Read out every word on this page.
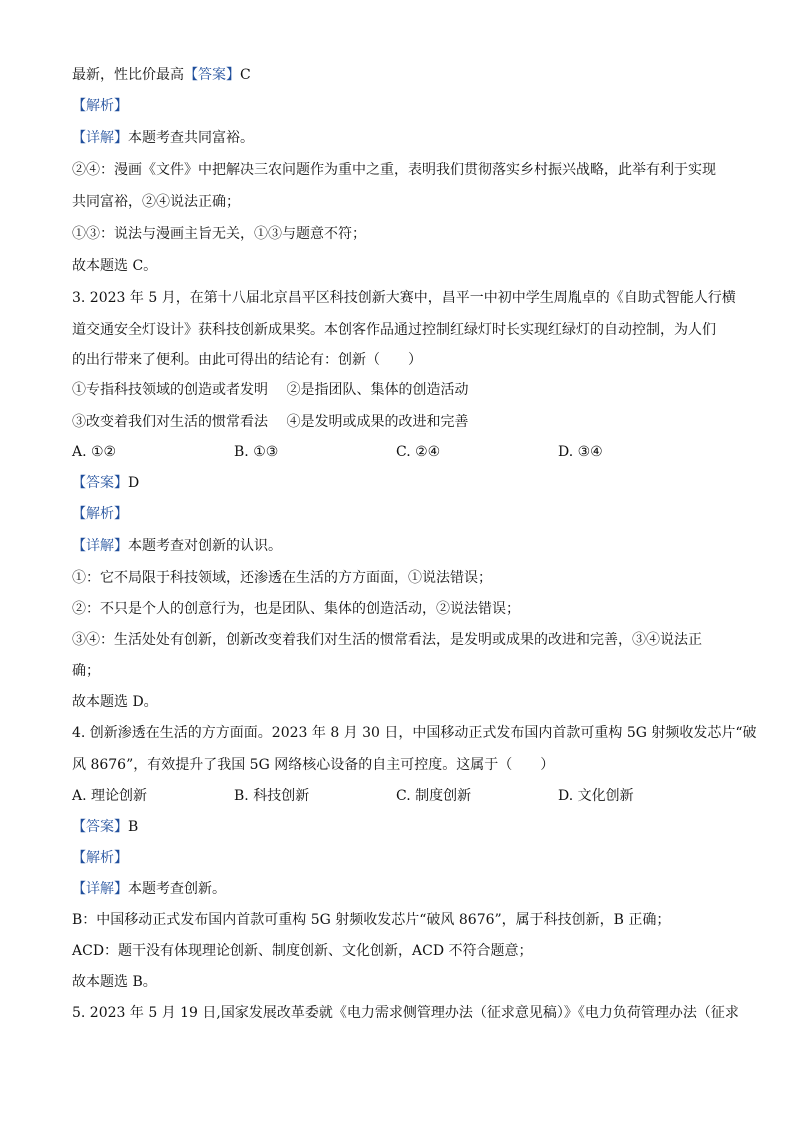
最新，性比价最高【答案】C
【解析】
【详解】本题考查共同富裕。
②④：漫画《文件》中把解决三农问题作为重中之重，表明我们贯彻落实乡村振兴战略，此举有利于实现
共同富裕，②④说法正确；
①③：说法与漫画主旨无关，①③与题意不符；
故本题选 C。
3. 2023 年 5 月，在第十八届北京昌平区科技创新大赛中，昌平一中初中学生周胤卓的《自助式智能人行横
道交通安全灯设计》获科技创新成果奖。本创客作品通过控制红绿灯时长实现红绿灯的自动控制，为人们
的出行带来了便利。由此可得出的结论有：创新（　　）
①专指科技领域的创造或者发明　 ②是指团队、集体的创造活动
③改变着我们对生活的惯常看法　 ④是发明或成果的改进和完善
A. ①②	B. ①③	C. ②④	D. ③④
【答案】D
【解析】
【详解】本题考查对创新的认识。
①：它不局限于科技领域，还渗透在生活的方方面面，①说法错误；
②：不只是个人的创意行为，也是团队、集体的创造活动，②说法错误；
③④：生活处处有创新，创新改变着我们对生活的惯常看法，是发明或成果的改进和完善，③④说法正
确；
故本题选 D。
4. 创新渗透在生活的方方面面。2023 年 8 月 30 日，中国移动正式发布国内首款可重构 5G 射频收发芯片“破
风 8676”，有效提升了我国 5G 网络核心设备的自主可控度。这属于（　　）
A. 理论创新	B. 科技创新	C. 制度创新	D. 文化创新
【答案】B
【解析】
【详解】本题考查创新。
B：中国移动正式发布国内首款可重构 5G 射频收发芯片“破风 8676”，属于科技创新，B 正确；
ACD：题干没有体现理论创新、制度创新、文化创新，ACD 不符合题意；
故本题选 B。
5. 2023 年 5 月 19 日,国家发展改革委就《电力需求侧管理办法（征求意见稿）》《电力负荷管理办法（征求
